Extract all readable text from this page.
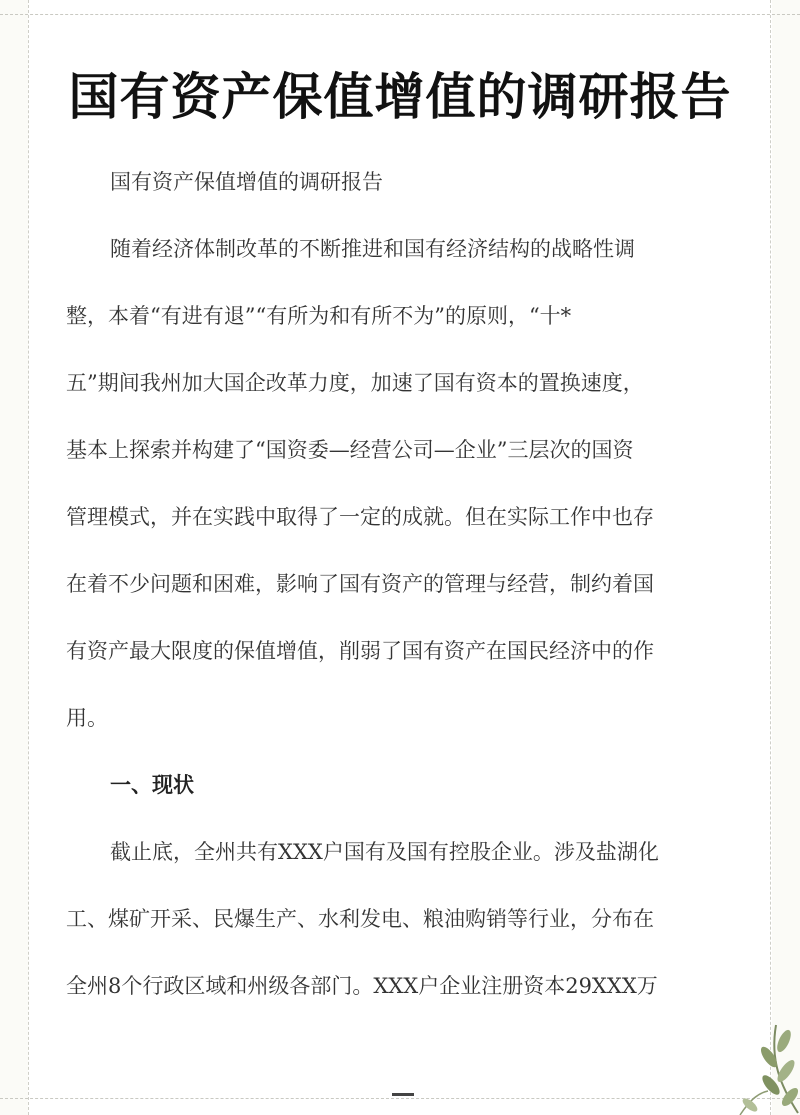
国有资产保值增值的调研报告
国有资产保值增值的调研报告
随着经济体制改革的不断推进和国有经济结构的战略性调
整，本着“有进有退”“有所为和有所不为”的原则，“十*
五”期间我州加大国企改革力度，加速了国有资本的置换速度，
基本上探索并构建了“国资委—经营公司—企业”三层次的国资
管理模式，并在实践中取得了一定的成就。但在实际工作中也存
在着不少问题和困难，影响了国有资产的管理与经营，制约着国
有资产最大限度的保值增值，削弱了国有资产在国民经济中的作
用。
一、现状
截止底，全州共有XXX户国有及国有控股企业。涉及盐湖化
工、煤矿开采、民爆生产、水利发电、粮油购销等行业，分布在
全州8个行政区域和州级各部门。XXX户企业注册资本29XXX万
